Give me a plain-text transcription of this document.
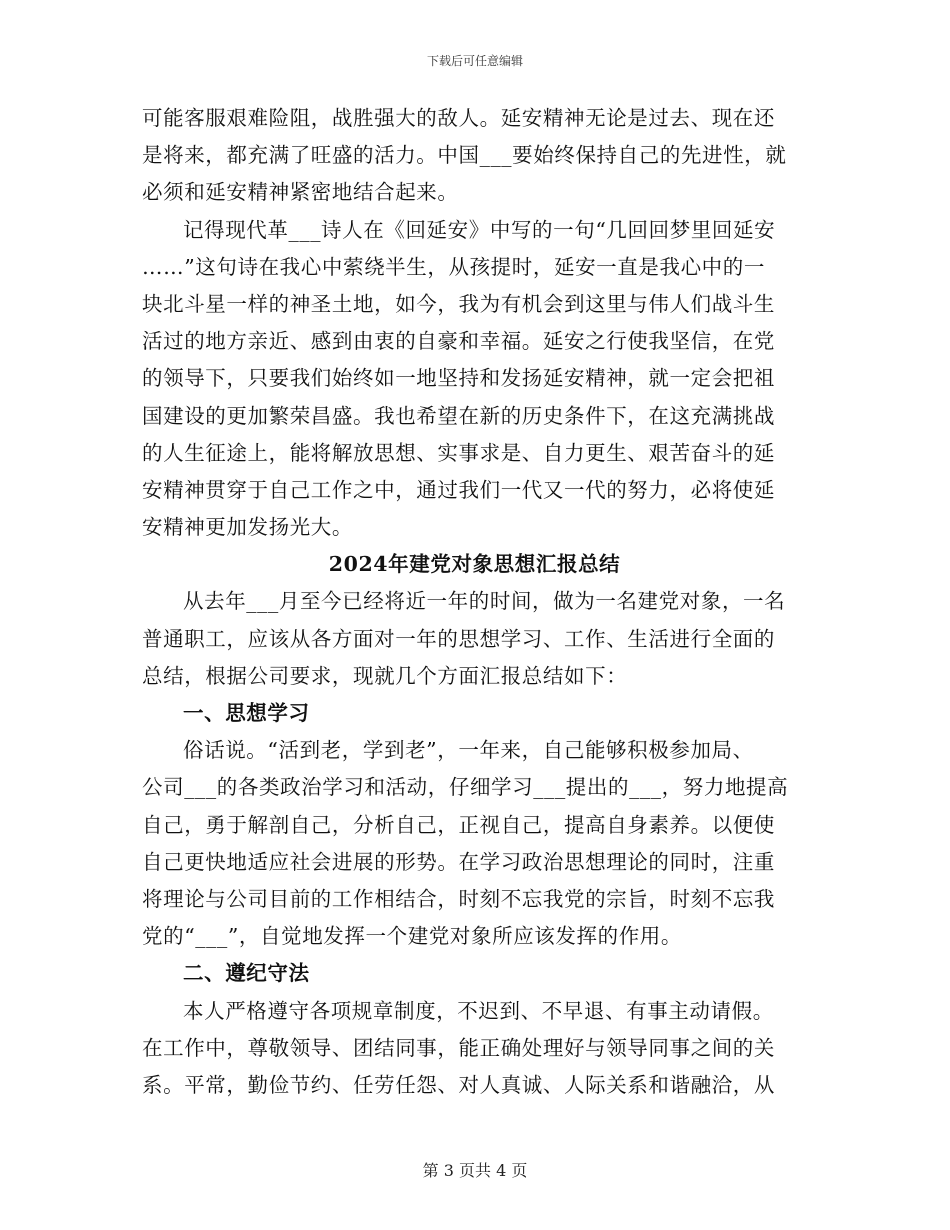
下载后可任意编辑
可能客服艰难险阻，战胜强大的敌人。延安精神无论是过去、现在还
是将来，都充满了旺盛的活力。中国___要始终保持自己的先进性，就
必须和延安精神紧密地结合起来。
记得现代革___诗人在《回延安》中写的一句“几回回梦里回延安
……”这句诗在我心中萦绕半生，从孩提时，延安一直是我心中的一
块北斗星一样的神圣土地，如今，我为有机会到这里与伟人们战斗生
活过的地方亲近、感到由衷的自豪和幸福。延安之行使我坚信，在党
的领导下，只要我们始终如一地坚持和发扬延安精神，就一定会把祖
国建设的更加繁荣昌盛。我也希望在新的历史条件下，在这充满挑战
的人生征途上，能将解放思想、实事求是、自力更生、艰苦奋斗的延
安精神贯穿于自己工作之中，通过我们一代又一代的努力，必将使延
安精神更加发扬光大。
2024年建党对象思想汇报总结
从去年___月至今已经将近一年的时间，做为一名建党对象，一名
普通职工，应该从各方面对一年的思想学习、工作、生活进行全面的
总结，根据公司要求，现就几个方面汇报总结如下：
一、思想学习
俗话说。“活到老，学到老”，一年来，自己能够积极参加局、
公司___的各类政治学习和活动，仔细学习___提出的___，努力地提高
自己，勇于解剖自己，分析自己，正视自己，提高自身素养。以便使
自己更快地适应社会进展的形势。在学习政治思想理论的同时，注重
将理论与公司目前的工作相结合，时刻不忘我党的宗旨，时刻不忘我
党的“___”，自觉地发挥一个建党对象所应该发挥的作用。
二、遵纪守法
本人严格遵守各项规章制度，不迟到、不早退、有事主动请假。
在工作中，尊敬领导、团结同事，能正确处理好与领导同事之间的关
系。平常，勤俭节约、任劳任怨、对人真诚、人际关系和谐融洽，从
第 3 页共 4 页
